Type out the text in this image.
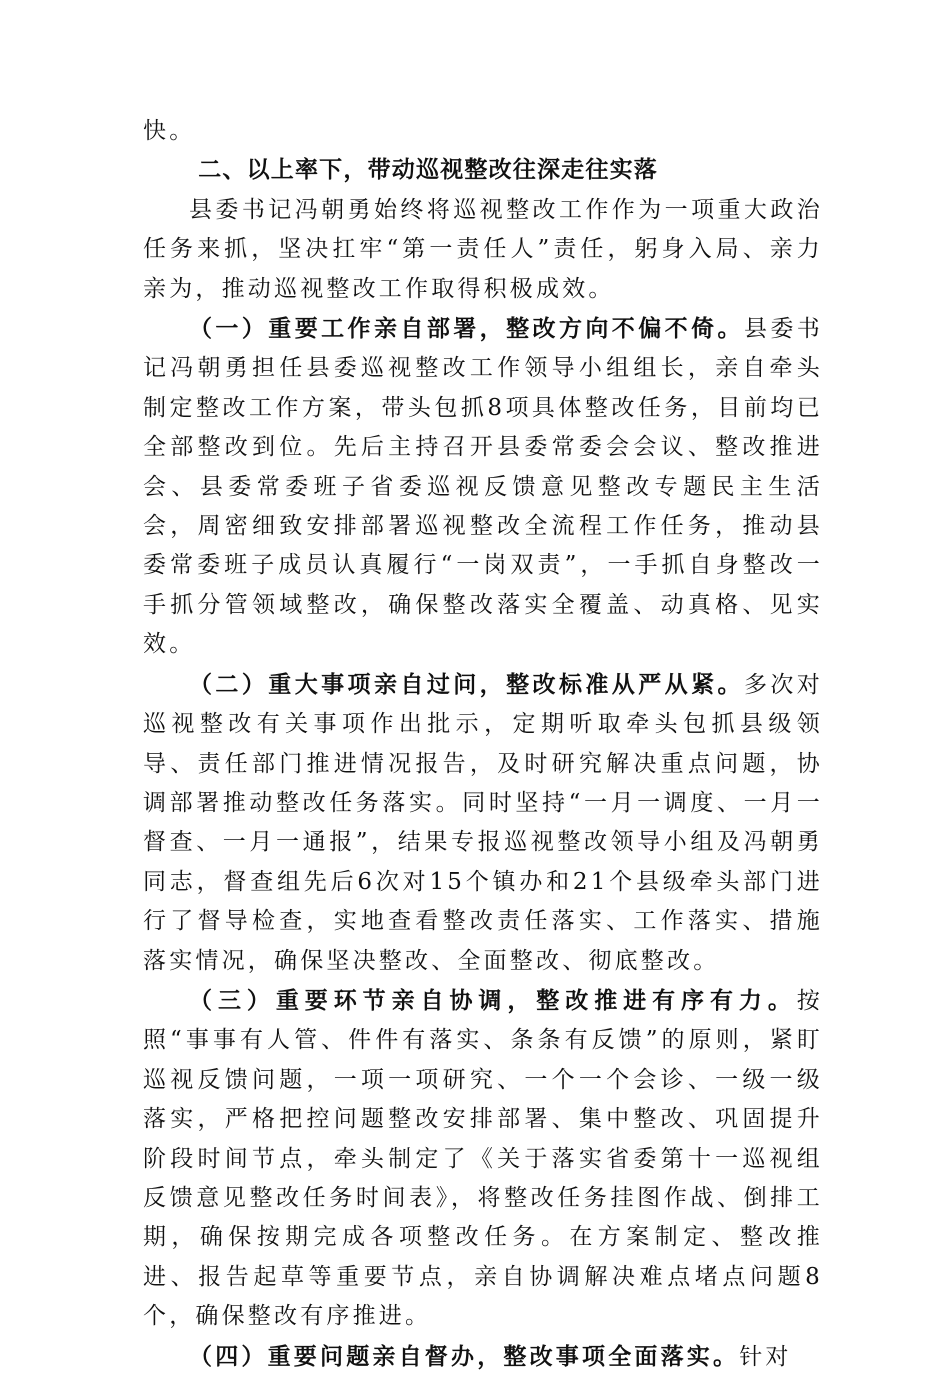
快。

二、以上率下，带动巡视整改往深走往实落

县委书记冯朝勇始终将巡视整改工作作为一项重大政治任务来抓，坚决扛牢“第一责任人”责任，躬身入局、亲力亲为，推动巡视整改工作取得积极成效。

（一）重要工作亲自部署，整改方向不偏不倚。县委书记冯朝勇担任县委巡视整改工作领导小组组长，亲自牵头制定整改工作方案，带头包抓8项具体整改任务，目前均已全部整改到位。先后主持召开县委常委会会议、整改推进会、县委常委班子省委巡视反馈意见整改专题民主生活会，周密细致安排部署巡视整改全流程工作任务，推动县委常委班子成员认真履行“一岗双责”，一手抓自身整改一手抓分管领域整改，确保整改落实全覆盖、动真格、见实效。

（二）重大事项亲自过问，整改标准从严从紧。多次对巡视整改有关事项作出批示，定期听取牵头包抓县级领导、责任部门推进情况报告，及时研究解决重点问题，协调部署推动整改任务落实。同时坚持“一月一调度、一月一督查、一月一通报”，结果专报巡视整改领导小组及冯朝勇同志，督查组先后6次对15个镇办和21个县级牵头部门进行了督导检查，实地查看整改责任落实、工作落实、措施落实情况，确保坚决整改、全面整改、彻底整改。

（三）重要环节亲自协调，整改推进有序有力。按照“事事有人管、件件有落实、条条有反馈”的原则，紧盯巡视反馈问题，一项一项研究、一个一个会诊、一级一级落实，严格把控问题整改安排部署、集中整改、巩固提升阶段时间节点，牵头制定了《关于落实省委第十一巡视组反馈意见整改任务时间表》，将整改任务挂图作战、倒排工期，确保按期完成各项整改任务。在方案制定、整改推进、报告起草等重要节点，亲自协调解决难点堵点问题8个，确保整改有序推进。

（四）重要问题亲自督办，整改事项全面落实。针对
